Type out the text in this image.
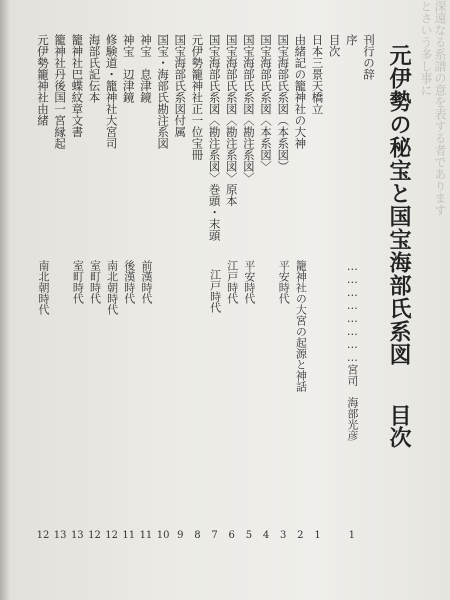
元伊勢の秘宝と国宝海部氏系図
目次
とさいう多し事に 深遠なる系譜の意を表する者であります
刊行の辞
序
……………………宮司　海部光彦
1
目次
日本三景天橋立
1
由緒記の籠神社の大神
籠神社の大宮の起源と神話
2
国宝海部氏系図（本系図）
平安時代
3
国宝海部氏系図〈本系図〉
4
国宝海部氏系図〈勘注系図〉
平安時代
5
国宝海部氏系図〈勘注系図〉原本
江戸時代
6
国宝海部氏系図〈勘注系図〉巻頭・末頭
江戸時代
7
元伊勢籠神社正一位宝冊
8
国宝海部氏系図付属
9
国宝・海部氏勘注系図
10
神宝　息津鏡
前漢時代
11
神宝　辺津鏡
後漢時代
11
修験道・籠神社大宮司
南北朝時代
12
海部氏記伝本
室町時代
12
籠神社巴蝶紋章文書
室町時代
13
籠神社丹後国一宮縁起
13
元伊勢籠神社由緒
南北朝時代
12
